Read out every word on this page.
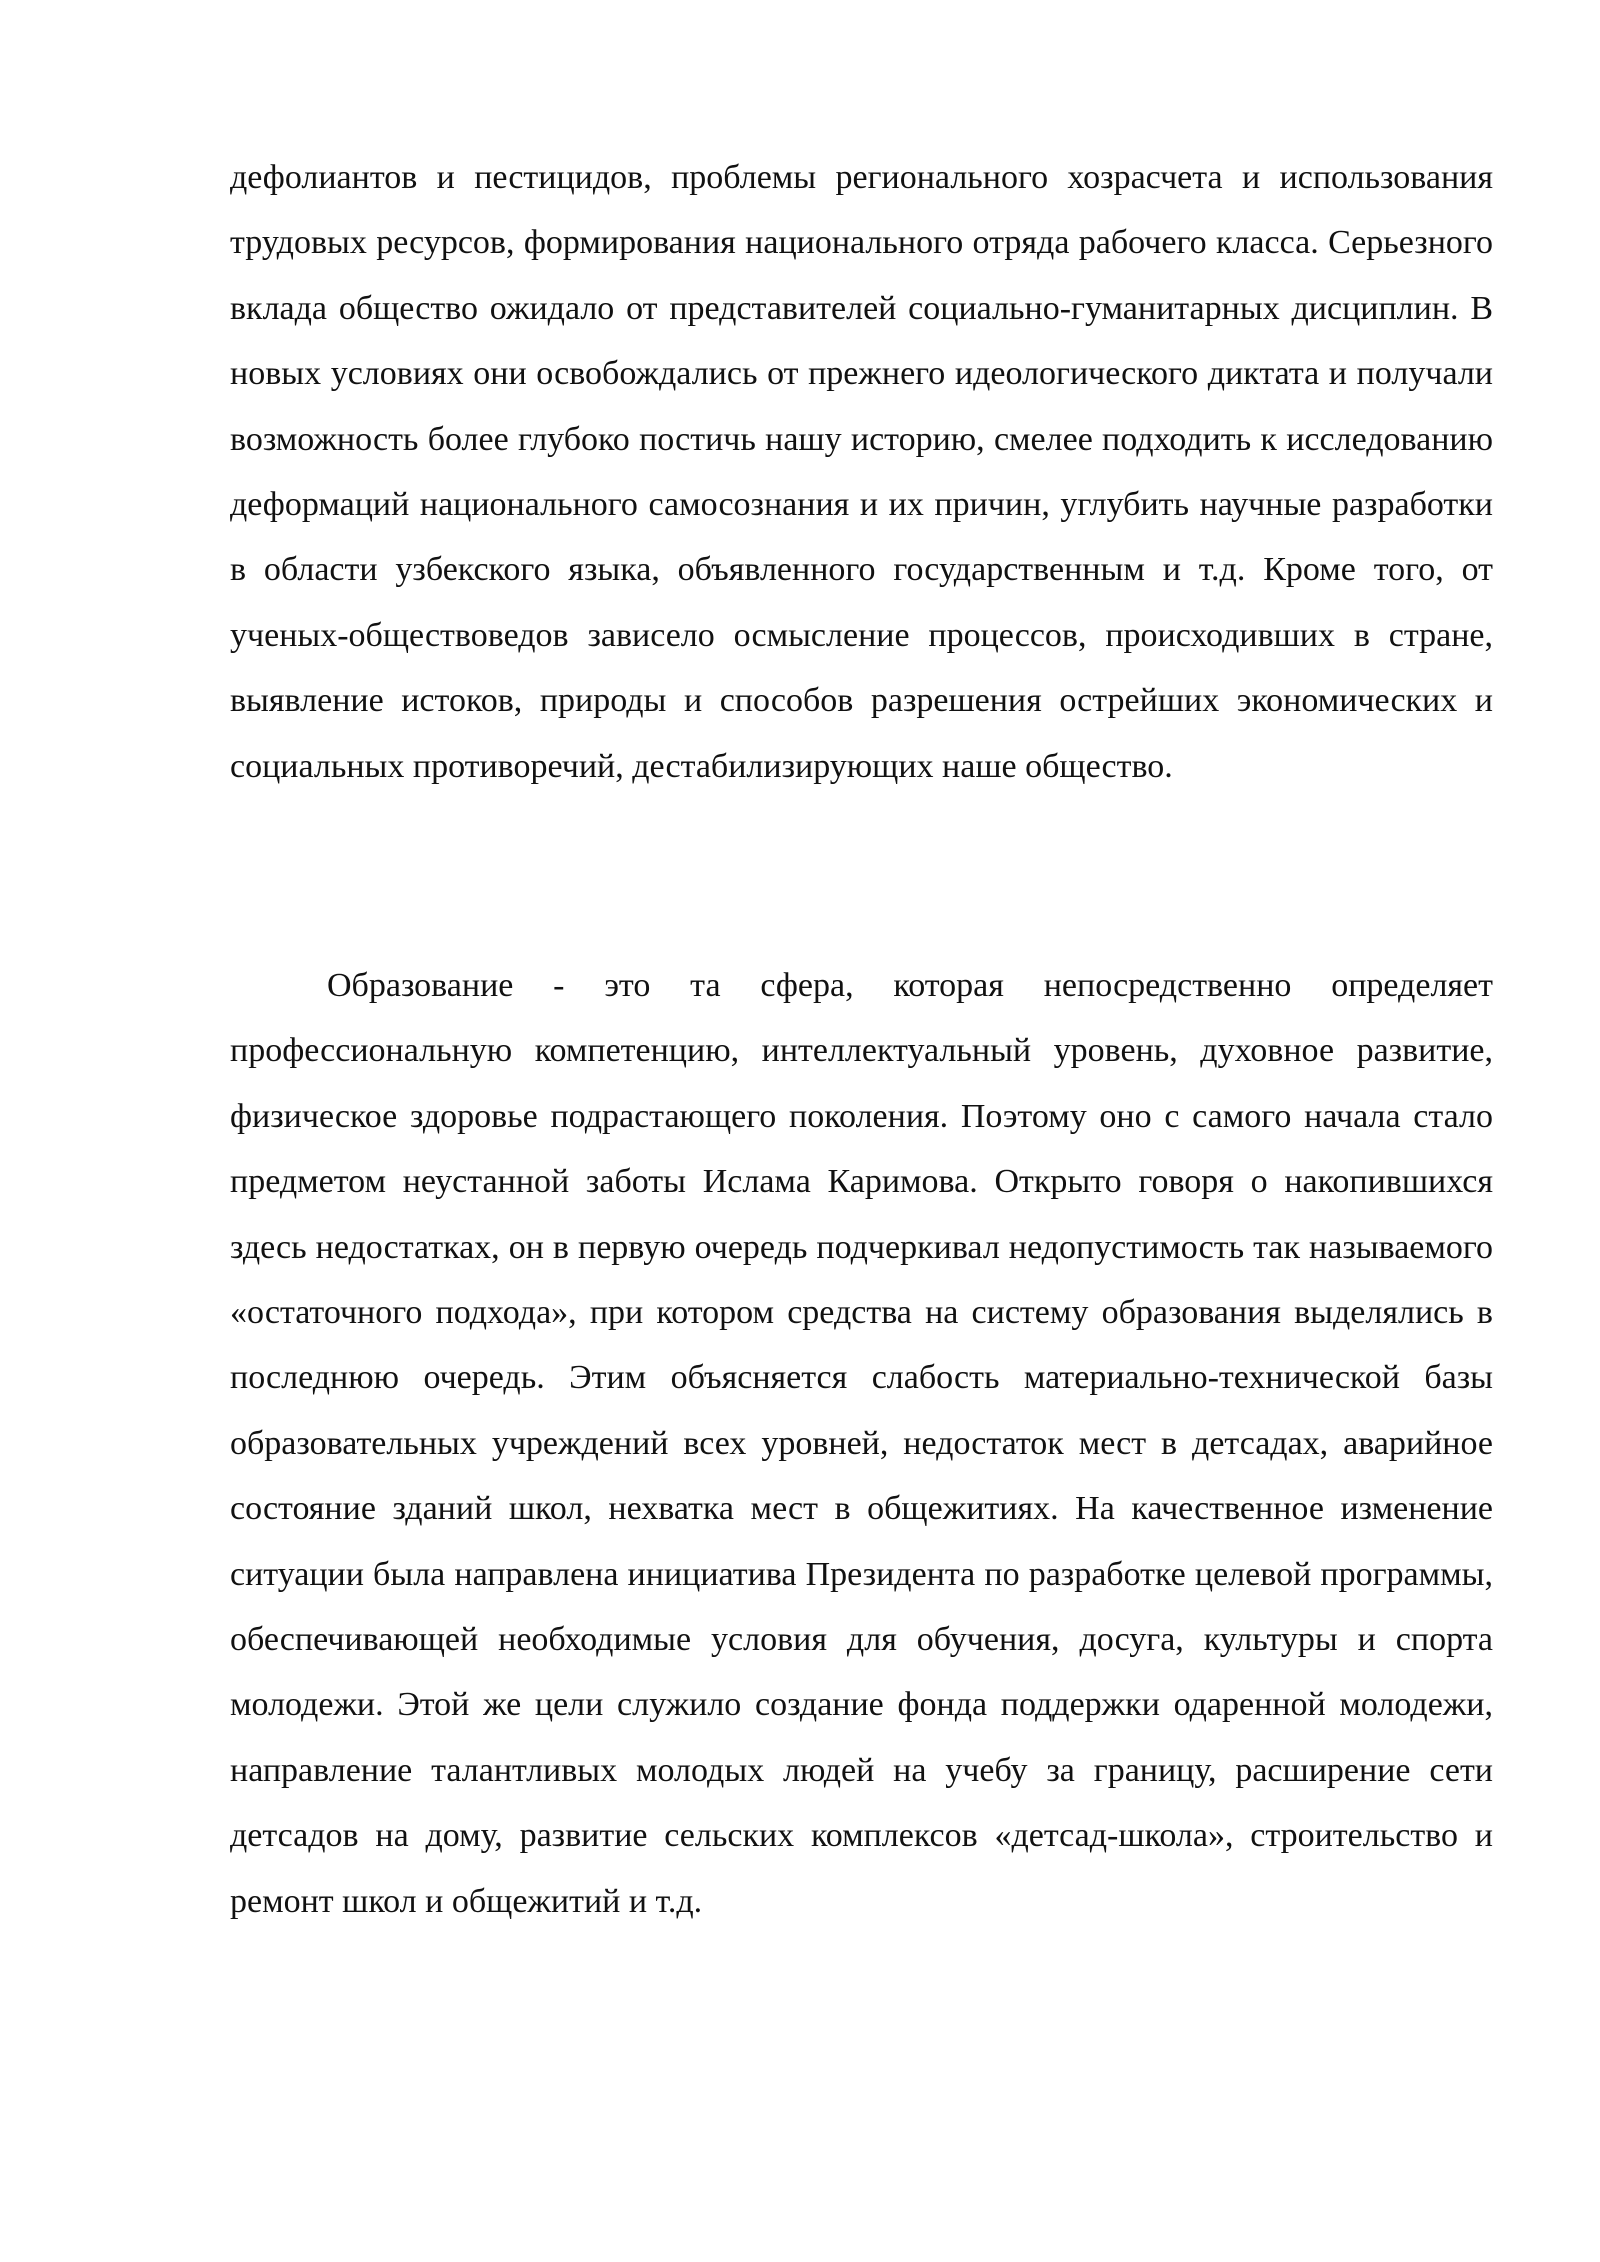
дефолиантов и пестицидов, проблемы регионального хозрасчета и использования трудовых ресурсов, формирования национального отряда рабочего класса. Серьезного вклада общество ожидало от представителей социально-гуманитарных дисциплин. В новых условиях они освобождались от прежнего идеологического диктата и получали возможность более глубоко постичь нашу историю, смелее подходить к исследованию деформаций национального самосознания и их причин, углубить научные разработки в области узбекского языка, объявленного государственным и т.д. Кроме того, от ученых-обществоведов зависело осмысление процессов, происходивших в стране, выявление истоков, природы и способов разрешения острейших экономических и социальных противоречий, дестабилизирующих наше общество.

Образование - это та сфера, которая непосредственно определяет профессиональную компетенцию, интеллектуальный уровень, духовное развитие, физическое здоровье подрастающего поколения. Поэтому оно с самого начала стало предметом неустанной заботы Ислама Каримова. Открыто говоря о накопившихся здесь недостатках, он в первую очередь подчеркивал недопустимость так называемого «остаточного подхода», при котором средства на систему образования выделялись в последнюю очередь. Этим объясняется слабость материально-технической базы образовательных учреждений всех уровней, недостаток мест в детсадах, аварийное состояние зданий школ, нехватка мест в общежитиях. На качественное изменение ситуации была направлена инициатива Президента по разработке целевой программы, обеспечивающей необходимые условия для обучения, досуга, культуры и спорта молодежи. Этой же цели служило создание фонда поддержки одаренной молодежи, направление талантливых молодых людей на учебу за границу, расширение сети детсадов на дому, развитие сельских комплексов «детсад-школа», строительство и ремонт школ и общежитий и т.д.
